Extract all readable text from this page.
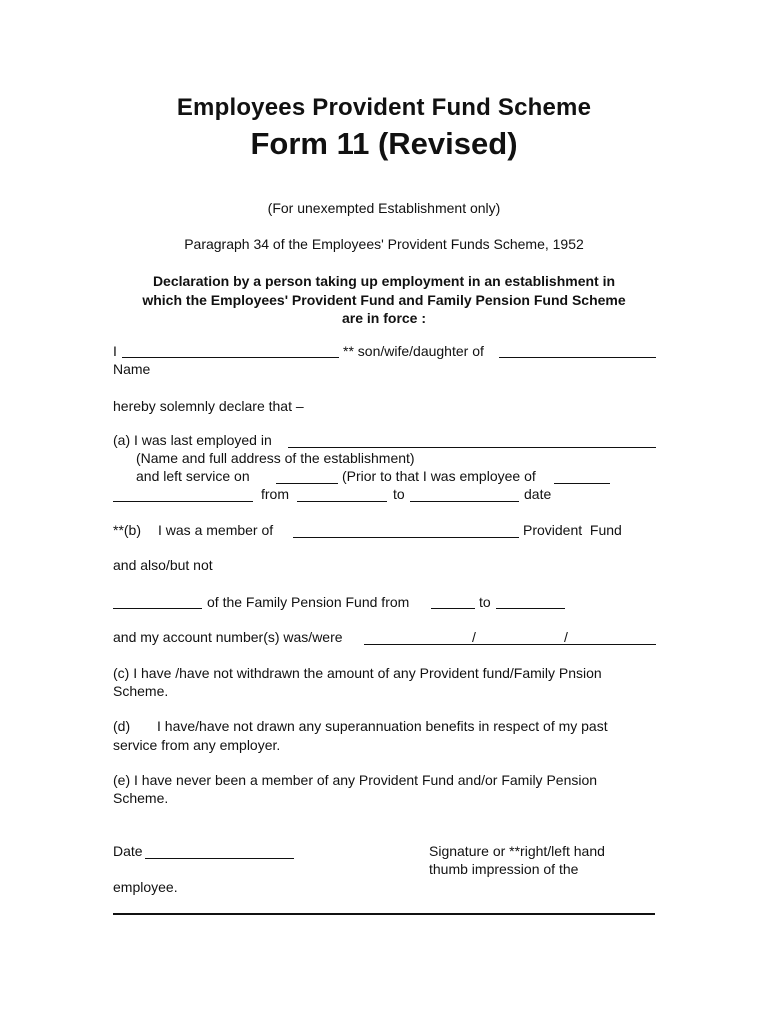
Employees Provident Fund Scheme
Form 11 (Revised)
(For unexempted Establishment only)
Paragraph 34 of the Employees' Provident Funds Scheme, 1952
Declaration by a person taking up employment in an establishment in
which the Employees' Provident Fund and Family Pension Fund Scheme
are in force :
I	** son/wife/daughter of
Name
hereby solemnly declare that –
(a) I was last employed in
(Name and full address of the establishment)
and left service on	(Prior to that I was employee of
from	to	date
**(b) I was a member of	Provident  Fund
and also/but not
of the Family Pension Fund from	to
and my account number(s) was/were	/	/
(c) I have /have not withdrawn the amount of any Provident fund/Family Pnsion
Scheme.
(d) I have/have not drawn any superannuation benefits in respect of my past
service from any employer.
(e) I have never been a member of any Provident Fund and/or Family Pension
Scheme.
Date	Signature or **right/left hand
thumb impression of the
employee.
